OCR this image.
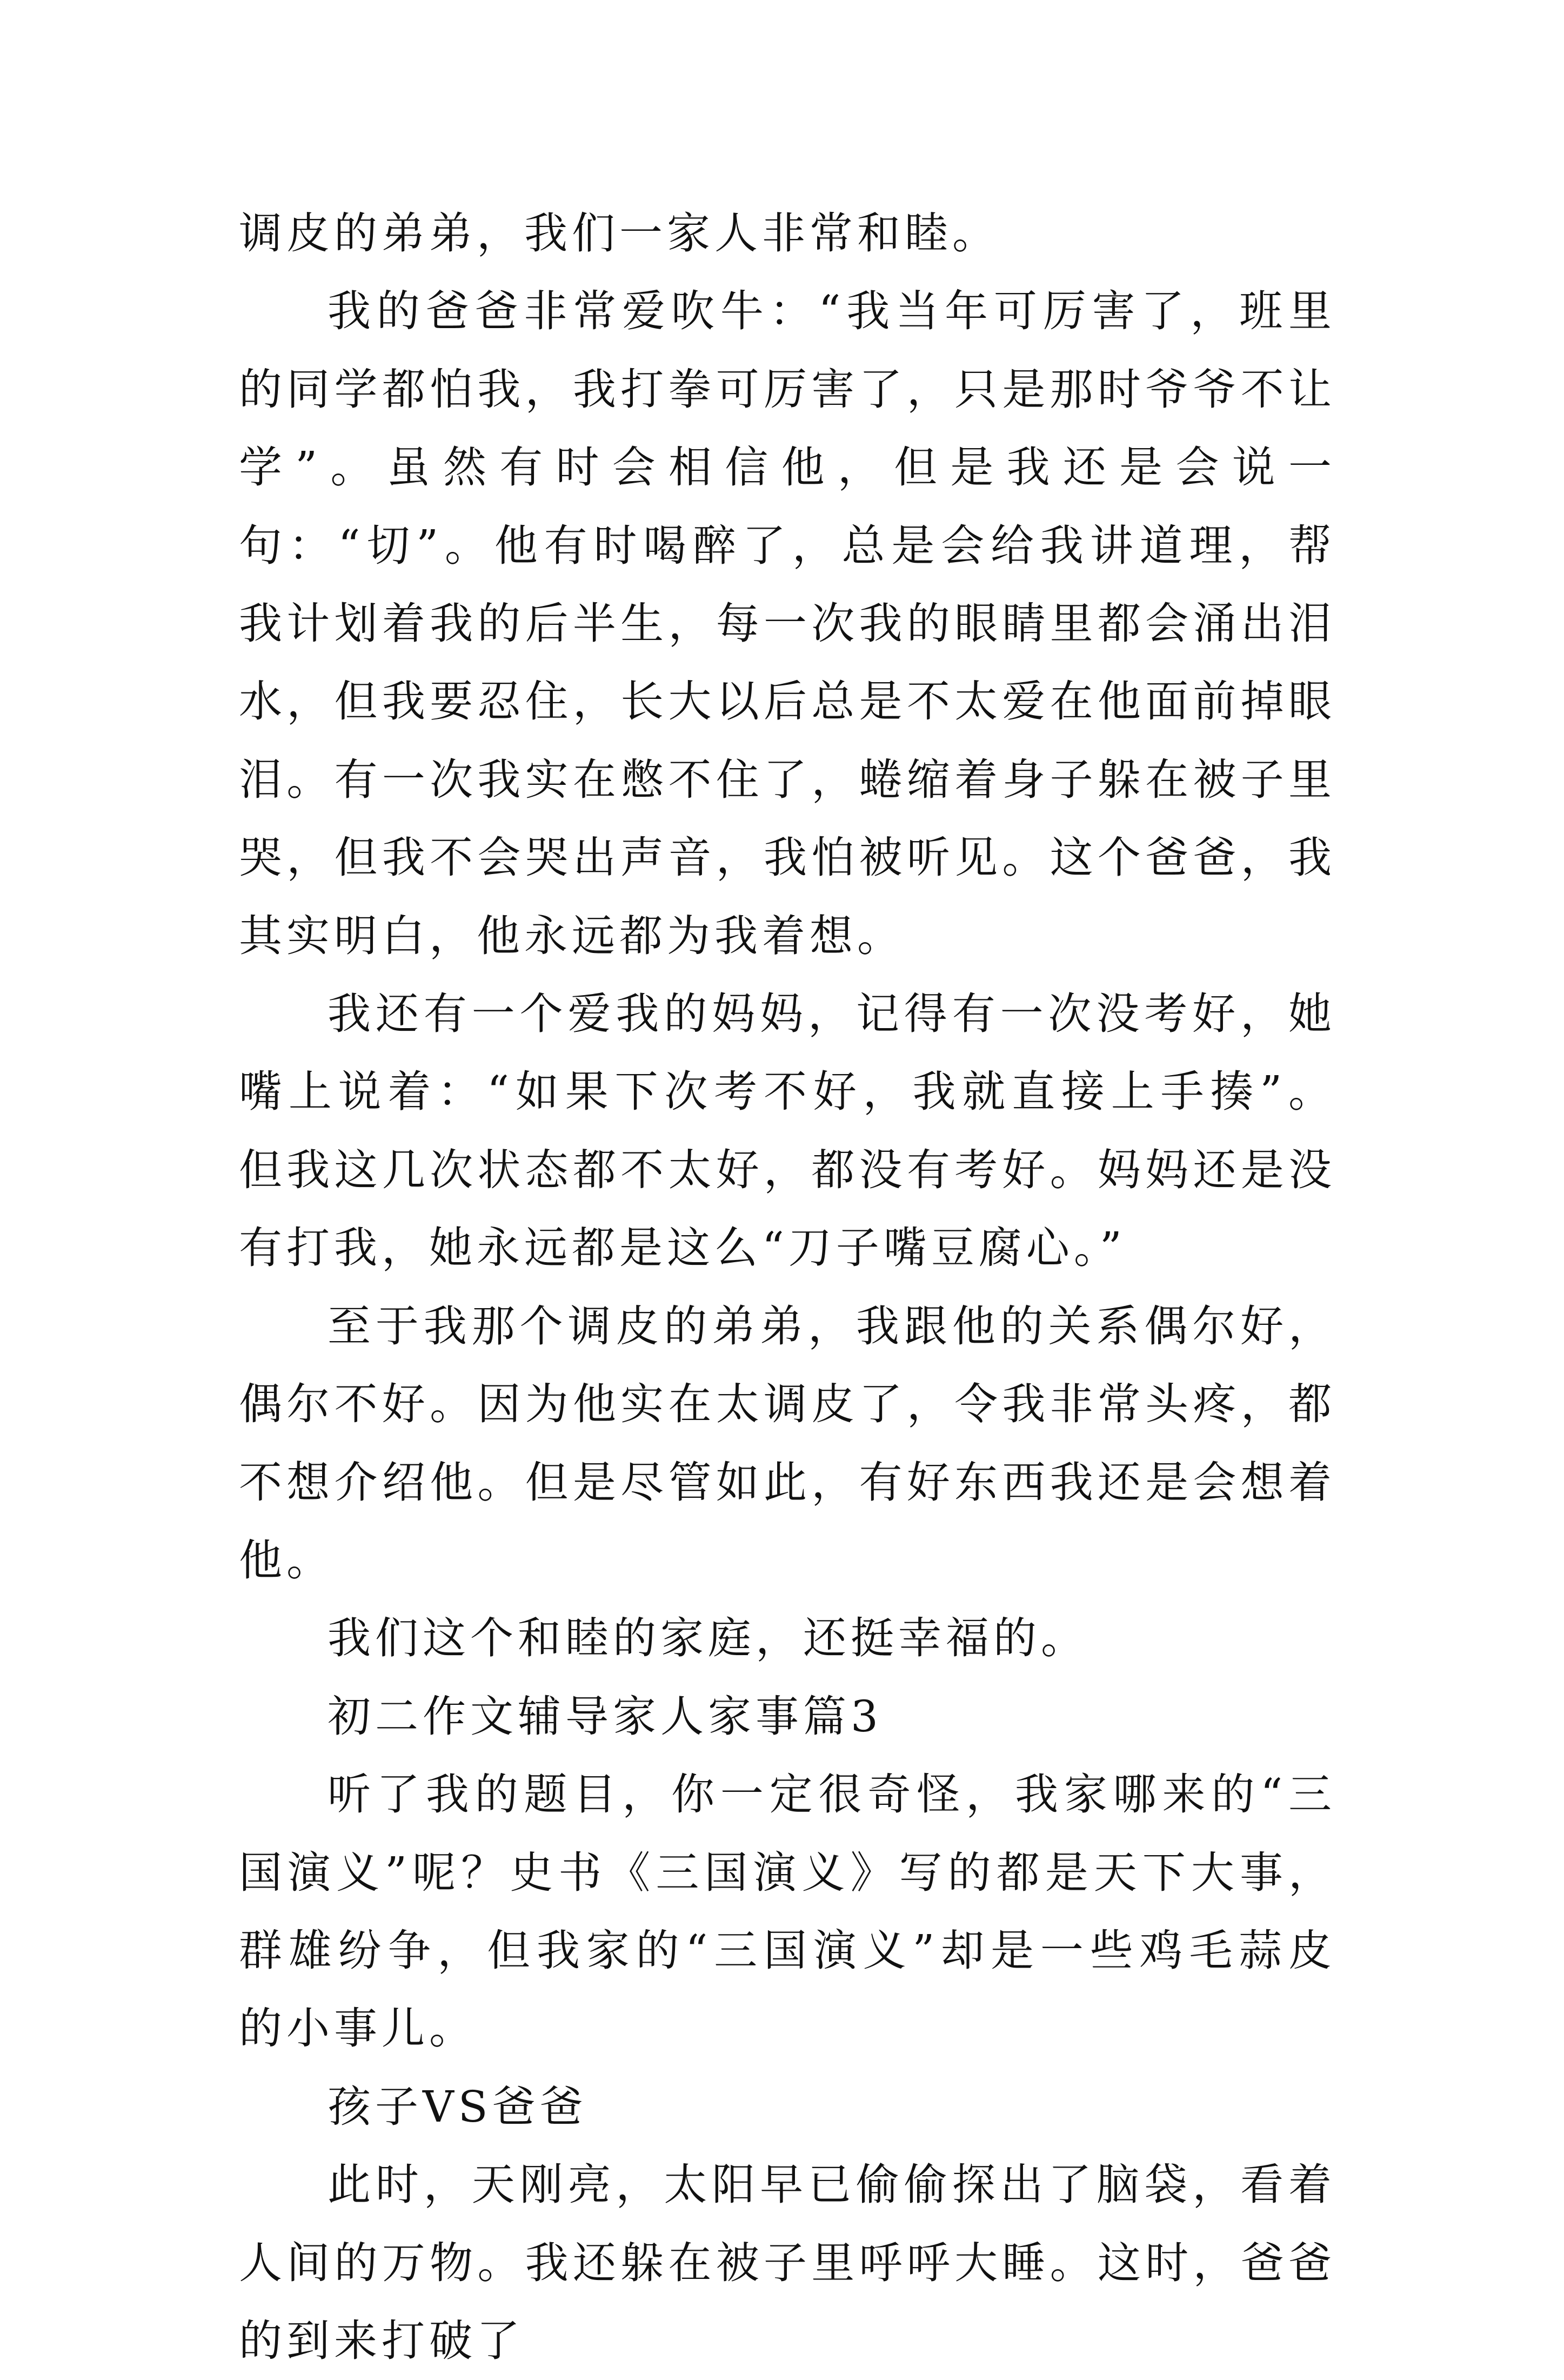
调皮的弟弟，我们一家人非常和睦。

我的爸爸非常爱吹牛：“我当年可厉害了，班里的同学都怕我，我打拳可厉害了，只是那时爷爷不让学”。虽然有时会相信他，但是我还是会说一句：“切”。他有时喝醉了，总是会给我讲道理，帮我计划着我的后半生，每一次我的眼睛里都会涌出泪水，但我要忍住，长大以后总是不太爱在他面前掉眼泪。有一次我实在憋不住了，蜷缩着身子躲在被子里哭，但我不会哭出声音，我怕被听见。这个爸爸，我其实明白，他永远都为我着想。

我还有一个爱我的妈妈，记得有一次没考好，她嘴上说着：“如果下次考不好，我就直接上手揍”。但我这几次状态都不太好，都没有考好。妈妈还是没有打我，她永远都是这么“刀子嘴豆腐心。”

至于我那个调皮的弟弟，我跟他的关系偶尔好，偶尔不好。因为他实在太调皮了，令我非常头疼，都不想介绍他。但是尽管如此，有好东西我还是会想着他。

我们这个和睦的家庭，还挺幸福的。

初二作文辅导家人家事篇3

听了我的题目，你一定很奇怪，我家哪来的“三国演义”呢？史书《三国演义》写的都是天下大事，群雄纷争，但我家的“三国演义”却是一些鸡毛蒜皮的小事儿。

孩子VS爸爸

此时，天刚亮，太阳早已偷偷探出了脑袋，看着人间的万物。我还躲在被子里呼呼大睡。这时，爸爸的到来打破了
